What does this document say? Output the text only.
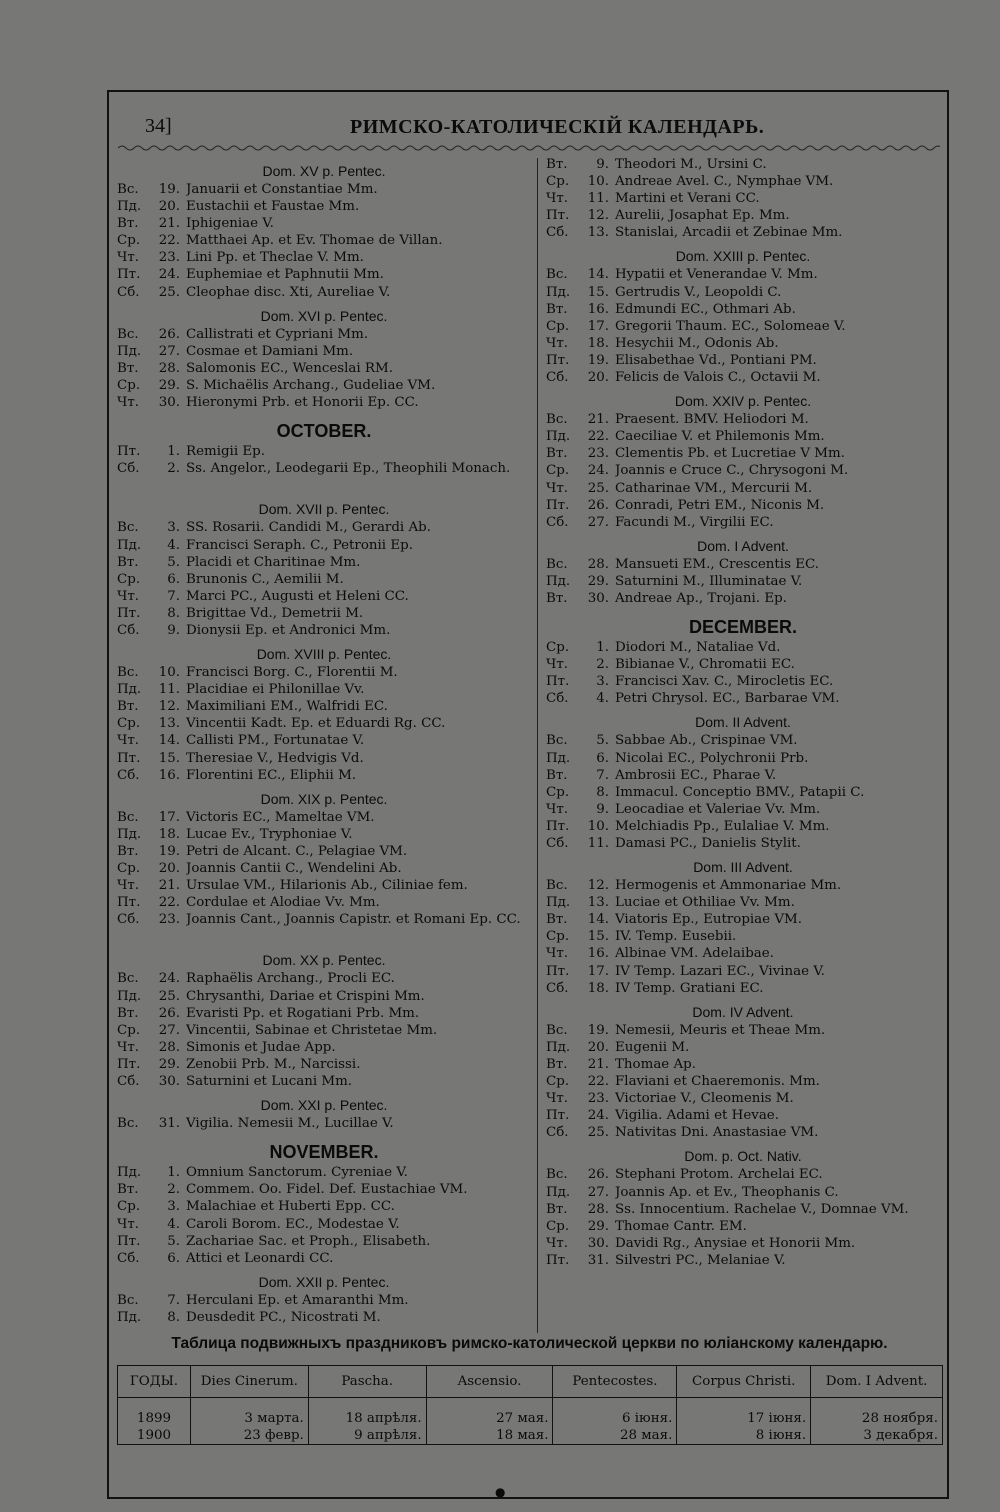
34]	РИМСКО-КАТОЛИЧЕСКІЙ КАЛЕНДАРЬ.
Dom. XV p. Pentec.
Вс.	19. Januarii et Constantiae Mm.
Пд.	20. Eustachii et Faustae Mm.
Вт.	21. Iphigeniae V.
Ср.	22. Matthaei Ap. et Ev. Thomae de Villan.
Чт.	23. Lini Pp. et Theclae V. Mm.
Пт.	24. Euphemiae et Paphnutii Mm.
Сб.	25. Cleophae disc. Xti, Aureliae V.
Dom. XVI p. Pentec.
Вс.	26. Callistrati et Cypriani Mm.
Пд.	27. Cosmae et Damiani Mm.
Вт.	28. Salomonis EC., Wenceslai RM.
Ср.	29. S. Michaëlis Archang., Gudeliae VM.
Чт.	30. Hieronymi Prb. et Honorii Ep. CC.
OCTOBER.
Пт.	1. Remigii Ep.
Сб.	2. Ss. Angelor., Leodegarii Ep., Theophili Monach.
Dom. XVII p. Pentec.
Вс.	3. SS. Rosarii. Candidi M., Gerardi Ab.
Пд.	4. Francisci Seraph. C., Petronii Ep.
Вт.	5. Placidi et Charitinae Mm.
Ср.	6. Brunonis C., Aemilii M.
Чт.	7. Marci PC., Augusti et Heleni CC.
Пт.	8. Brigittae Vd., Demetrii M.
Сб.	9. Dionysii Ep. et Andronici Mm.
Dom. XVIII p. Pentec.
Вс.	10. Francisci Borg. C., Florentii M.
Пд.	11. Placidiae ei Philonillae Vv.
Вт.	12. Maximiliani EM., Walfridi EC.
Ср.	13. Vincentii Kadt. Ep. et Eduardi Rg. CC.
Чт.	14. Callisti PM., Fortunatae V.
Пт.	15. Theresiae V., Hedvigis Vd.
Сб.	16. Florentini EC., Eliphii M.
Dom. XIX p. Pentec.
Вс.	17. Victoris EC., Mameltae VM.
Пд.	18. Lucae Ev., Tryphoniae V.
Вт.	19. Petri de Alcant. C., Pelagiae VM.
Ср.	20. Joannis Cantii C., Wendelini Ab.
Чт.	21. Ursulae VM., Hilarionis Ab., Ciliniae fem.
Пт.	22. Cordulae et Alodiae Vv. Mm.
Сб.	23. Joannis Cant., Joannis Capistr. et Romani Ep. CC.
Dom. XX p. Pentec.
Вс.	24. Raphaëlis Archang., Procli EC.
Пд.	25. Chrysanthi, Dariae et Crispini Mm.
Вт.	26. Evaristi Pp. et Rogatiani Prb. Mm.
Ср.	27. Vincentii, Sabinae et Christetae Mm.
Чт.	28. Simonis et Judae App.
Пт.	29. Zenobii Prb. M., Narcissi.
Сб.	30. Saturnini et Lucani Mm.
Dom. XXI p. Pentec.
Вс.	31. Vigilia. Nemesii M., Lucillae V.
NOVEMBER.
Пд.	1. Omnium Sanctorum. Cyreniae V.
Вт.	2. Commem. Oo. Fidel. Def. Eustachiae VM.
Ср.	3. Malachiae et Huberti Epp. CC.
Чт.	4. Caroli Borom. EC., Modestae V.
Пт.	5. Zachariae Sac. et Proph., Elisabeth.
Сб.	6. Attici et Leonardi CC.
Dom. XXII p. Pentec.
Вс.	7. Herculani Ep. et Amaranthi Mm.
Пд.	8. Deusdedit PC., Nicostrati M.
Вт.	9. Theodori M., Ursini C.
Ср.	10. Andreae Avel. C., Nymphae VM.
Чт.	11. Martini et Verani CC.
Пт.	12. Aurelii, Josaphat Ep. Mm.
Сб.	13. Stanislai, Arcadii et Zebinae Mm.
Dom. XXIII p. Pentec.
Вс.	14. Hypatii et Venerandae V. Mm.
Пд.	15. Gertrudis V., Leopoldi C.
Вт.	16. Edmundi EC., Othmari Ab.
Ср.	17. Gregorii Thaum. EC., Solomeae V.
Чт.	18. Hesychii M., Odonis Ab.
Пт.	19. Elisabethae Vd., Pontiani PM.
Сб.	20. Felicis de Valois C., Octavii M.
Dom. XXIV p. Pentec.
Вс.	21. Praesent. BMV. Heliodori M.
Пд.	22. Caeciliae V. et Philemonis Mm.
Вт.	23. Clementis Pb. et Lucretiae V Mm.
Ср.	24. Joannis e Cruce C., Chrysogoni M.
Чт.	25. Catharinae VM., Mercurii M.
Пт.	26. Conradi, Petri EM., Niconis M.
Сб.	27. Facundi M., Virgilii EC.
Dom. I Advent.
Вс.	28. Mansueti EM., Crescentis EC.
Пд.	29. Saturnini M., Illuminatae V.
Вт.	30. Andreae Ap., Trojani. Ep.
DECEMBER.
Ср.	1. Diodori M., Nataliae Vd.
Чт.	2. Bibianae V., Chromatii EC.
Пт.	3. Francisci Xav. C., Mirocletis EC.
Сб.	4. Petri Chrysol. EC., Barbarae VM.
Dom. II Advent.
Вс.	5. Sabbae Ab., Crispinae VM.
Пд.	6. Nicolai EC., Polychronii Prb.
Вт.	7. Ambrosii EC., Pharae V.
Ср.	8. Immacul. Conceptio BMV., Patapii C.
Чт.	9. Leocadiae et Valeriae Vv. Mm.
Пт.	10. Melchiadis Pp., Eulaliae V. Mm.
Сб.	11. Damasi PC., Danielis Stylit.
Dom. III Advent.
Вс.	12. Hermogenis et Ammonariae Mm.
Пд.	13. Luciae et Othiliae Vv. Mm.
Вт.	14. Viatoris Ep., Eutropiae VM.
Ср.	15. IV. Temp. Eusebii.
Чт.	16. Albinae VM. Adelaibae.
Пт.	17. IV Temp. Lazari EC., Vivinae V.
Сб.	18. IV Temp. Gratiani EC.
Dom. IV Advent.
Вс.	19. Nemesii, Meuris et Theae Mm.
Пд.	20. Eugenii M.
Вт.	21. Thomae Ap.
Ср.	22. Flaviani et Chaeremonis. Mm.
Чт.	23. Victoriae V., Cleomenis M.
Пт.	24. Vigilia. Adami et Hevae.
Сб.	25. Nativitas Dni. Anastasiae VM.
Dom. p. Oct. Nativ.
Вс.	26. Stephani Protom. Archelai EC.
Пд.	27. Joannis Ap. et Ev., Theophanis C.
Вт.	28. Ss. Innocentium. Rachelae V., Domnae VM.
Ср.	29. Thomae Cantr. EM.
Чт.	30. Davidi Rg., Anysiae et Honorii Mm.
Пт.	31. Silvestri PC., Melaniae V.
Таблица подвижныхъ праздниковъ римско-католической церкви по юліанскому календарю.
ГОДЫ.	Dies Cinerum.	Pascha.	Ascensio.	Pentecostes.	Corpus Christi.	Dom. I Advent.

1899	3 марта.	18 апрѣля.	27 мая.	6 іюня.	17 іюня.	28 ноября.
1900	23 февр.	9 апрѣля.	18 мая.	28 мая.	8 іюня.	3 декабря.
●
